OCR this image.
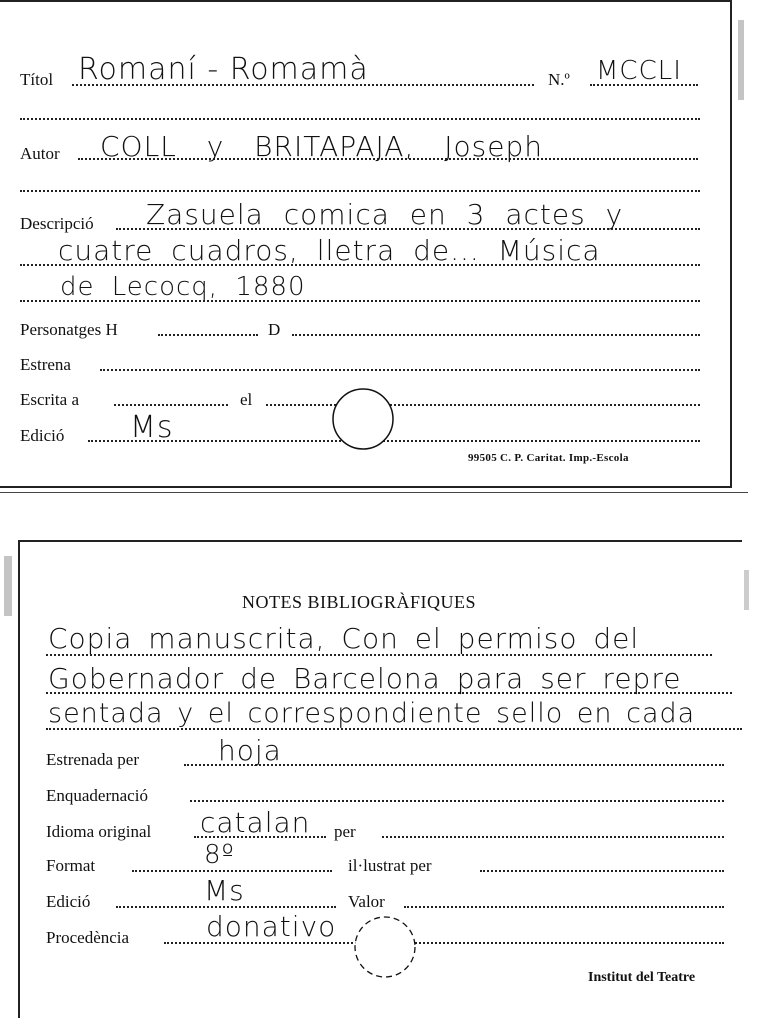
Títol Romaní - Romamà	N.º MCCLI
Autor COLL y BRITAPAJA, Joseph
Descripció Zasuela comica en 3 actes y
cuatre cuadros, lletra de... Música
de Lecocq, 1880
Personatges H	D
Estrena
Escrita a	el
Edició Ms
99505 C. P. Caritat. Imp.-Escola
NOTES BIBLIOGRÀFIQUES
Copia manuscrita, Con el permiso del
Gobernador de Barcelona para ser repre
sentada y el correspondiente sello en cada
Estrenada per	hoja
Enquadernació
Idioma original catalan per
Format	8º	il·lustrat per
Edició	Ms	Valor
Procedència	donativo
Institut del Teatre
